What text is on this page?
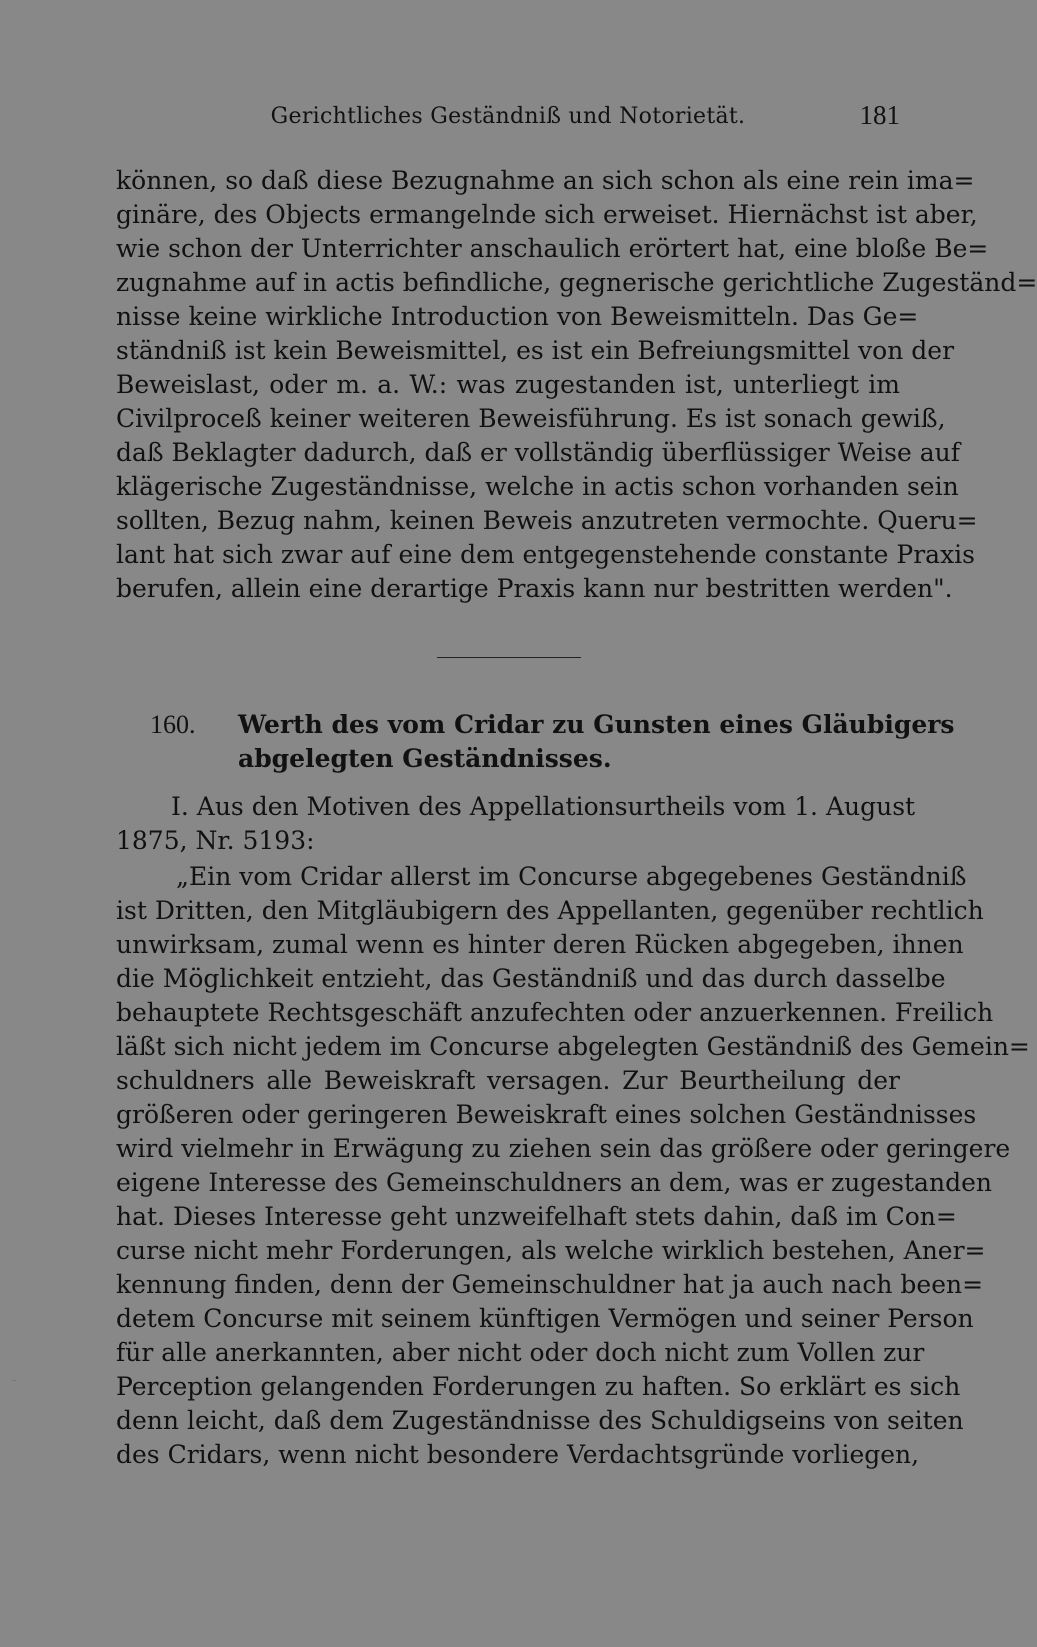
Gerichtliches Geständniß und Notorietät.	181
können, so daß diese Bezugnahme an sich schon als eine rein ima=
ginäre, des Objects ermangelnde sich erweiset. Hiernächst ist aber,
wie schon der Unterrichter anschaulich erörtert hat, eine bloße Be=
zugnahme auf in actis befindliche, gegnerische gerichtliche Zugeständ=
nisse keine wirkliche Introduction von Beweismitteln. Das Ge=
ständniß ist kein Beweismittel, es ist ein Befreiungsmittel von der
Beweislast, oder m. a. W.: was zugestanden ist, unterliegt im
Civilproceß keiner weiteren Beweisführung. Es ist sonach gewiß,
daß Beklagter dadurch, daß er vollständig überflüssiger Weise auf
klägerische Zugeständnisse, welche in actis schon vorhanden sein
sollten, Bezug nahm, keinen Beweis anzutreten vermochte. Queru=
lant hat sich zwar auf eine dem entgegenstehende constante Praxis
berufen, allein eine derartige Praxis kann nur bestritten werden".
160. Werth des vom Cridar zu Gunsten eines Gläubigers
abgelegten Geständnisses.
I. Aus den Motiven des Appellationsurtheils vom 1. August
1875, Nr. 5193:
„Ein vom Cridar allerst im Concurse abgegebenes Geständniß
ist Dritten, den Mitgläubigern des Appellanten, gegenüber rechtlich
unwirksam, zumal wenn es hinter deren Rücken abgegeben, ihnen
die Möglichkeit entzieht, das Geständniß und das durch dasselbe
behauptete Rechtsgeschäft anzufechten oder anzuerkennen. Freilich
läßt sich nicht jedem im Concurse abgelegten Geständniß des Gemein=
schuldners alle Beweiskraft versagen. Zur Beurtheilung der
größeren oder geringeren Beweiskraft eines solchen Geständnisses
wird vielmehr in Erwägung zu ziehen sein das größere oder geringere
eigene Interesse des Gemeinschuldners an dem, was er zugestanden
hat. Dieses Interesse geht unzweifelhaft stets dahin, daß im Con=
curse nicht mehr Forderungen, als welche wirklich bestehen, Aner=
kennung finden, denn der Gemeinschuldner hat ja auch nach been=
detem Concurse mit seinem künftigen Vermögen und seiner Person
für alle anerkannten, aber nicht oder doch nicht zum Vollen zur
Perception gelangenden Forderungen zu haften. So erklärt es sich
denn leicht, daß dem Zugeständnisse des Schuldigseins von seiten
des Cridars, wenn nicht besondere Verdachtsgründe vorliegen,
